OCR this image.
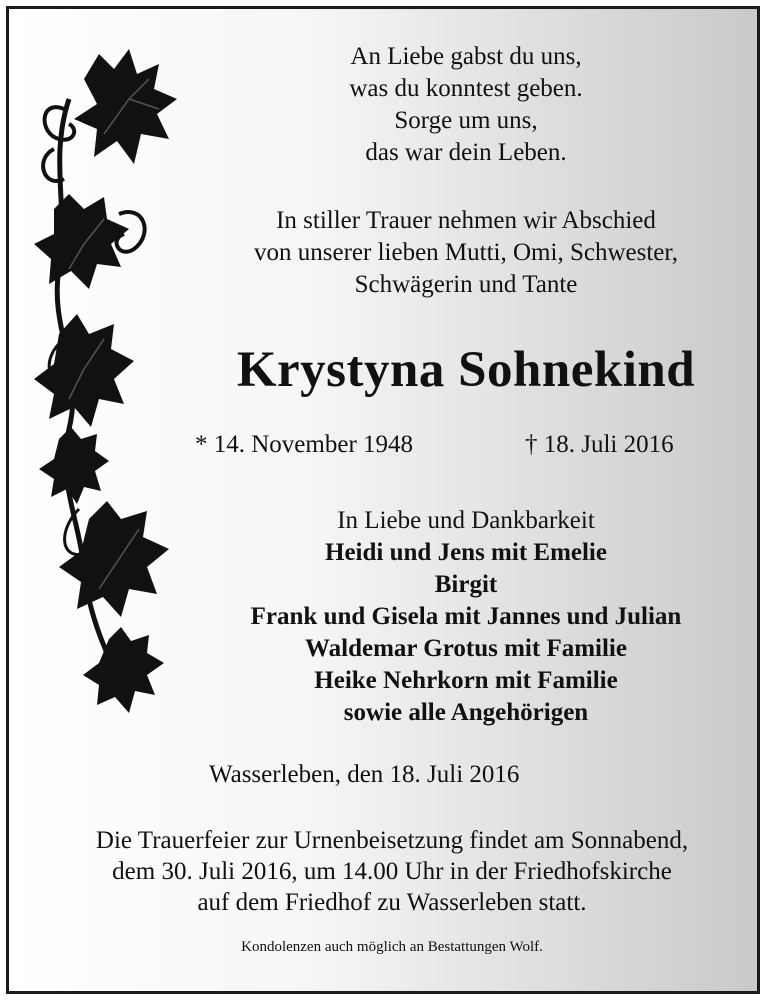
An Liebe gabst du uns,
was du konntest geben.
Sorge um uns,
das war dein Leben.
In stiller Trauer nehmen wir Abschied
von unserer lieben Mutti, Omi, Schwester,
Schwägerin und Tante
Krystyna Sohnekind
* 14. November 1948	† 18. Juli 2016
In Liebe und Dankbarkeit
Heidi und Jens mit Emelie
Birgit
Frank und Gisela mit Jannes und Julian
Waldemar Grotus mit Familie
Heike Nehrkorn mit Familie
sowie alle Angehörigen
Wasserleben, den 18. Juli 2016
Die Trauerfeier zur Urnenbeisetzung findet am Sonnabend,
dem 30. Juli 2016, um 14.00 Uhr in der Friedhofskirche
auf dem Friedhof zu Wasserleben statt.
Kondolenzen auch möglich an Bestattungen Wolf.
